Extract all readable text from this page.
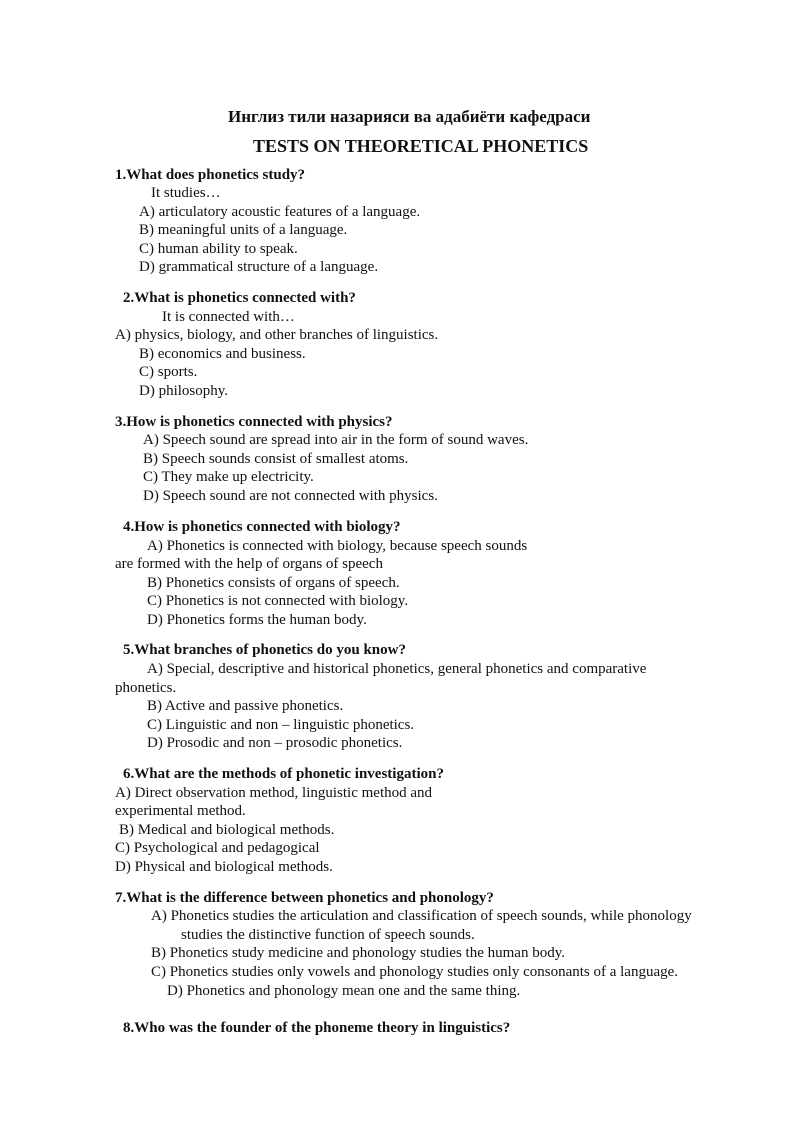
Инглиз тили назарияси ва адабиёти кафедраси
TESTS ON THEORETICAL PHONETICS
1.What does phonetics study?
It studies…
A) articulatory acoustic features of a language.
B) meaningful units of a language.
C) human ability to speak.
D) grammatical structure of a language.
2.What is phonetics connected with?
It is connected with…
A) physics, biology, and other branches of linguistics.
B) economics and business.
C) sports.
D) philosophy.
3.How is phonetics connected with physics?
A) Speech sound are spread into air in the form of sound waves.
B) Speech sounds consist of smallest atoms.
C) They make up electricity.
D) Speech sound are not connected with physics.
4.How is phonetics connected with biology?
A) Phonetics is connected with biology, because speech sounds
are formed with the help of organs of speech
B) Phonetics consists of organs of speech.
C) Phonetics is not connected with biology.
D) Phonetics forms the human body.
5.What branches of phonetics do you know?
A) Special, descriptive and historical phonetics, general phonetics and comparative
phonetics.
B) Active and passive phonetics.
C) Linguistic and non – linguistic phonetics.
D) Prosodic and non – prosodic phonetics.
6.What are the methods of phonetic investigation?
A) Direct observation method, linguistic method and
experimental method.
B) Medical and biological methods.
C) Psychological and pedagogical
D) Physical and biological methods.
7.What is the difference between phonetics and phonology?
A) Phonetics studies the articulation and classification of speech sounds, while phonology
studies the distinctive function of speech sounds.
B) Phonetics study medicine and phonology studies the human body.
C) Phonetics studies only vowels and phonology studies only consonants of a language.
D) Phonetics and phonology mean one and the same thing.
8.Who was the founder of the phoneme theory in linguistics?
